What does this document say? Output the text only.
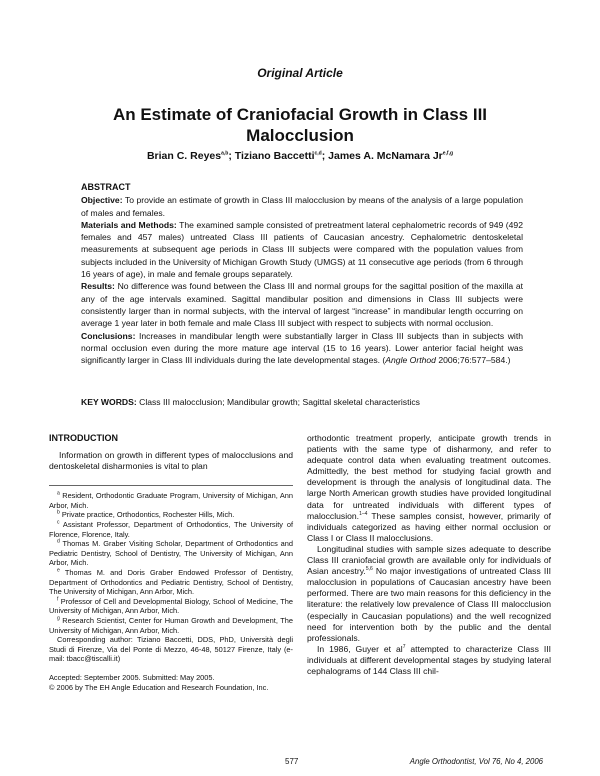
Original Article
An Estimate of Craniofacial Growth in Class III Malocclusion
Brian C. Reyes$^{a,b}$; Tiziano Baccetti$^{c,d}$; James A. McNamara Jr$^{e,f,g}$
ABSTRACT

Objective: To provide an estimate of growth in Class III malocclusion by means of the analysis of a large population of males and females.

Materials and Methods: The examined sample consisted of pretreatment lateral cephalometric records of 949 (492 females and 457 males) untreated Class III patients of Caucasian ancestry. Cephalometric dentoskeletal measurements at subsequent age periods in Class III subjects were compared with the population values from subjects included in the University of Michigan Growth Study (UMGS) at 11 consecutive age periods (from 6 through 16 years of age), in male and female groups separately.

Results: No difference was found between the Class III and normal groups for the sagittal position of the maxilla at any of the age intervals examined. Sagittal mandibular position and dimensions in Class III subjects were consistently larger than in normal subjects, with the interval of largest “increase” in mandibular length occurring on average 1 year later in both female and male Class III subject with respect to subjects with normal occlusion.

Conclusions: Increases in mandibular length were substantially larger in Class III subjects than in subjects with normal occlusion even during the more mature age interval (15 to 16 years). Lower anterior facial height was significantly larger in Class III individuals during the late developmental stages. (Angle Orthod 2006;76:577–584.)

KEY WORDS: Class III malocclusion; Mandibular growth; Sagittal skeletal characteristics
INTRODUCTION

Information on growth in different types of malocclusions and dentoskeletal disharmonies is vital to plan

$^a$ Resident, Orthodontic Graduate Program, University of Michigan, Ann Arbor, Mich.

$^b$ Private practice, Orthodontics, Rochester Hills, Mich.

$^c$ Assistant Professor, Department of Orthodontics, The University of Florence, Florence, Italy.

$^d$ Thomas M. Graber Visiting Scholar, Department of Orthodontics and Pediatric Dentistry, School of Dentistry, The University of Michigan, Ann Arbor, Mich.

$^e$ Thomas M. and Doris Graber Endowed Professor of Dentistry, Department of Orthodontics and Pediatric Dentistry, School of Dentistry, The University of Michigan, Ann Arbor, Mich.

$^f$ Professor of Cell and Developmental Biology, School of Medicine, The University of Michigan, Ann Arbor, Mich.

$^g$ Research Scientist, Center for Human Growth and Development, The University of Michigan, Ann Arbor, Mich.

Corresponding author: Tiziano Baccetti, DDS, PhD, Università degli Studi di Firenze, Via del Ponte di Mezzo, 46-48, 50127 Firenze, Italy (e-mail: tbacc@tiscalli.it)

Accepted: September 2005. Submitted: May 2005.

© 2006 by The EH Angle Education and Research Foundation, Inc.

orthodontic treatment properly, anticipate growth trends in patients with the same type of disharmony, and refer to adequate control data when evaluating treatment outcomes. Admittedly, the best method for studying facial growth and development is through the analysis of longitudinal data. The large North American growth studies have provided longitudinal data for untreated individuals with different types of malocclusion.$^{1-4}$ These samples consist, however, primarily of individuals categorized as having either normal occlusion or Class I or Class II malocclusions.

Longitudinal studies with sample sizes adequate to describe Class III craniofacial growth are available only for individuals of Asian ancestry.$^{5,6}$ No major investigations of untreated Class III malocclusion in populations of Caucasian ancestry have been performed. There are two main reasons for this deficiency in the literature: the relatively low prevalence of Class III malocclusion (especially in Caucasian populations) and the well recognized need for intervention both by the public and the dental professionals.

In 1986, Guyer et $al^7$ attempted to characterize Class III individuals at different developmental stages by studying lateral cephalograms of 144 Class III chil-

577	Angle Orthodontist, Vol 76, No 4, 2006
